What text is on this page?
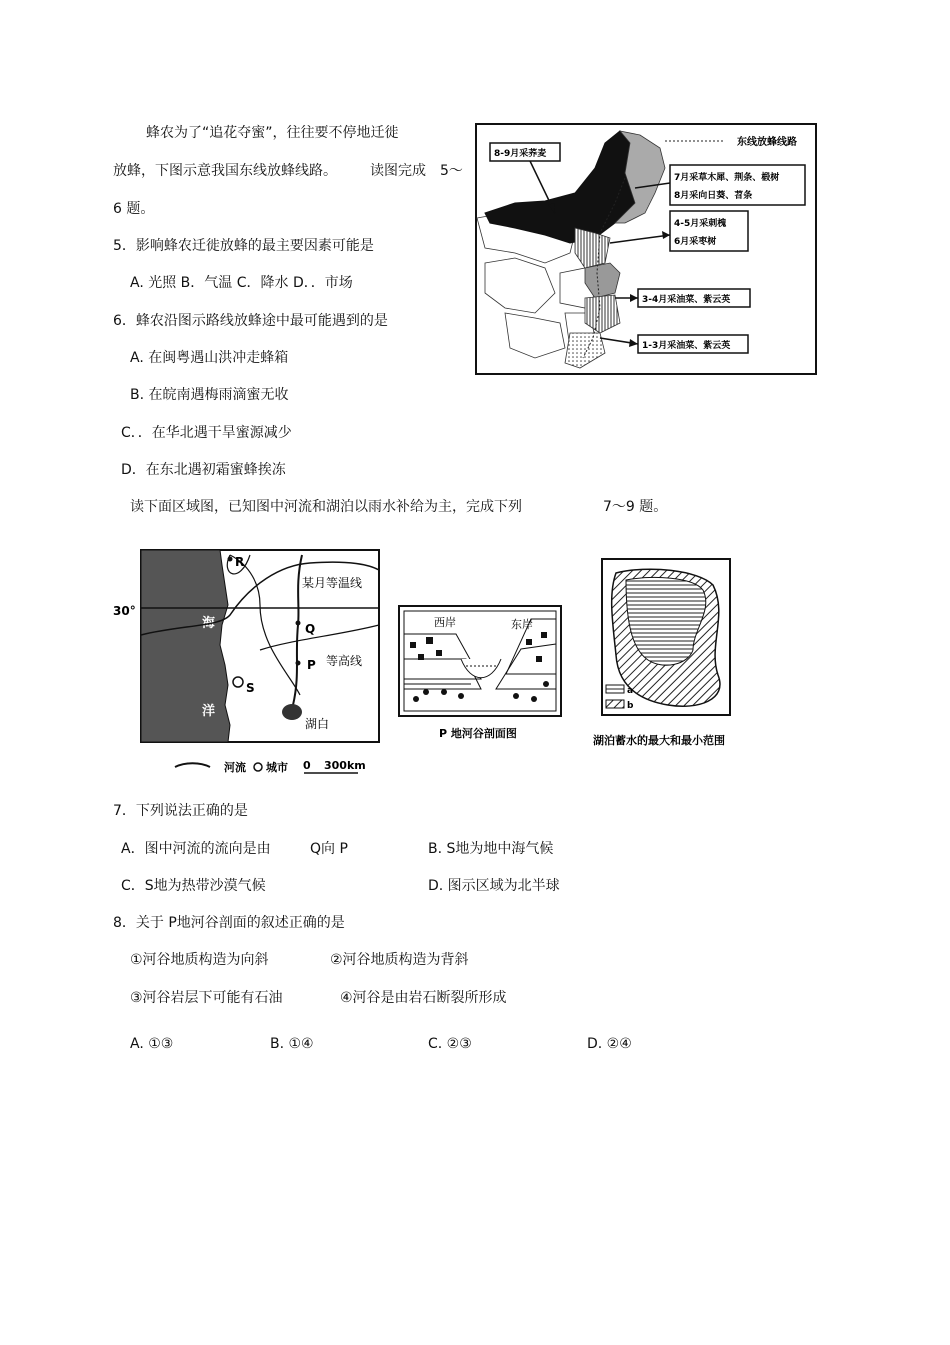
蜂农为了“追花夺蜜”，往往要不停地迁徙
放蜂，下图示意我国东线放蜂线路。 读图完成 5～
6 题。
5．影响蜂农迁徙放蜂的最主要因素可能是
A. 光照 B．气温 C．降水 D．．市场
6．蜂农沿图示路线放蜂途中最可能遇到的是
A. 在闽粤遇山洪冲走蜂箱
B. 在皖南遇梅雨滴蜜无收
C．．在华北遇干旱蜜源减少
D．在东北遇初霜蜜蜂挨冻
东线放蜂线路
8-9月采荞麦
7月采草木犀、荆条、椴树
8月采向日葵、苕条
4-5月采刺槐
6月采枣树
3-4月采油菜、紫云英
1-3月采油菜、紫云英
读下面区域图，已知图中河流和湖泊以雨水补给为主，完成下列	7～9 题。
海
洋
30°
R
Q
P
S
某月等温线
等高线
湖白
河流 城市 0 300km
西岸	东岸
P 地河谷剖面图
a
b
湖泊蓄水的最大和最小范围
7．下列说法正确的是
A．图中河流的流向是由	Q向 P	B. S地为地中海气候
C．S地为热带沙漠气候	D. 图示区域为北半球
8．关于 P地河谷剖面的叙述正确的是
①河谷地质构造为向斜	②河谷地质构造为背斜
③河谷岩层下可能有石油	④河谷是由岩石断裂所形成
A. ①③	B. ①④	C. ②③	D. ②④
